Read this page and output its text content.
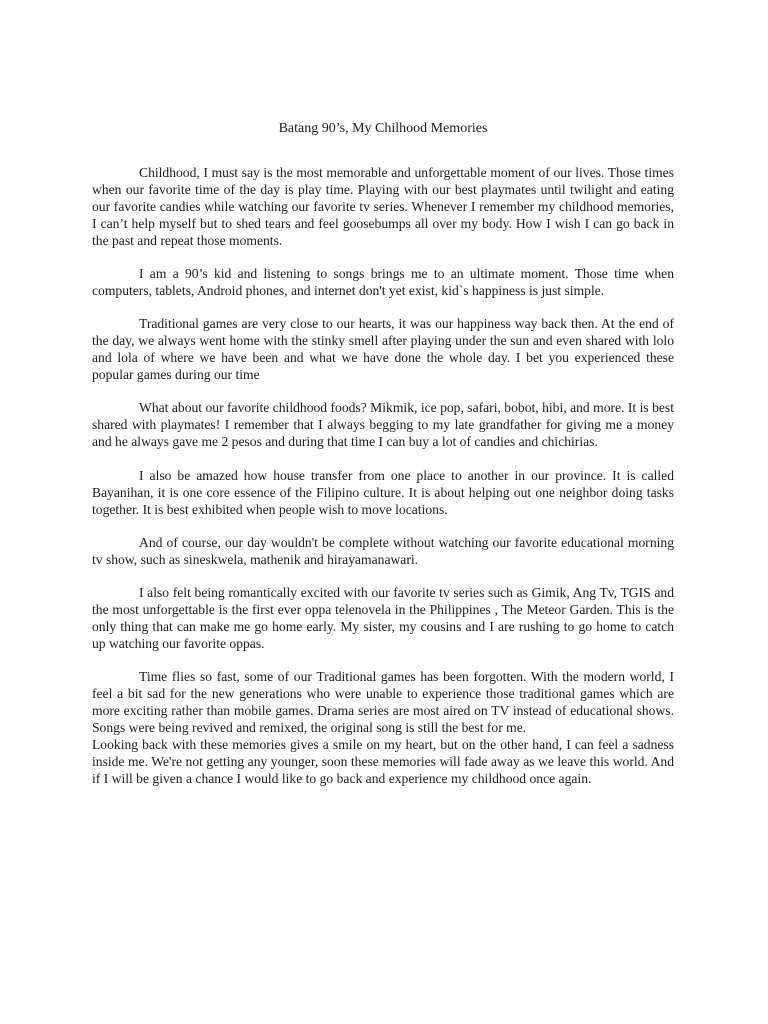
Batang 90’s, My Chilhood Memories

Childhood, I must say is the most memorable and unforgettable moment of our lives. Those times when our favorite time of the day is play time. Playing with our best playmates until twilight and eating our favorite candies while watching our favorite tv series. Whenever I remember my childhood memories, I can’t help myself but to shed tears and feel goosebumps all over my body. How I wish I can go back in the past and repeat those moments.

I am a 90’s kid and listening to songs brings me to an ultimate moment. Those time when computers, tablets, Android phones, and internet don't yet exist, kid`s happiness is just simple.

Traditional games are very close to our hearts, it was our happiness way back then. At the end of the day, we always went home with the stinky smell after playing under the sun and even shared with lolo and lola of where we have been and what we have done the whole day. I bet you experienced these popular games during our time

What about our favorite childhood foods? Mikmik, ice pop, safari, bobot, hibi, and more. It is best shared with playmates! I remember that I always begging to my late grandfather for giving me a money and he always gave me 2 pesos and during that time I can buy a lot of candies and chichirias.

I also be amazed how house transfer from one place to another in our province. It is called Bayanihan, it is one core essence of the Filipino culture. It is about helping out one neighbor doing tasks together. It is best exhibited when people wish to move locations.

And of course, our day wouldn't be complete without watching our favorite educational morning tv show, such as sineskwela, mathenik and hirayamanawari.

I also felt being romantically excited with our favorite tv series such as Gimik, Ang Tv, TGIS and the most unforgettable is the first ever oppa telenovela in the Philippines , The Meteor Garden. This is the only thing that can make me go home early. My sister, my cousins and I are rushing to go home to catch up watching our favorite oppas.

Time flies so fast, some of our Traditional games has been forgotten. With the modern world, I feel a bit sad for the new generations who were unable to experience those traditional games which are more exciting rather than mobile games. Drama series are most aired on TV instead of educational shows. Songs were being revived and remixed, the original song is still the best for me.

Looking back with these memories gives a smile on my heart, but on the other hand, I can feel a sadness inside me. We're not getting any younger, soon these memories will fade away as we leave this world. And if I will be given a chance I would like to go back and experience my childhood once again.
